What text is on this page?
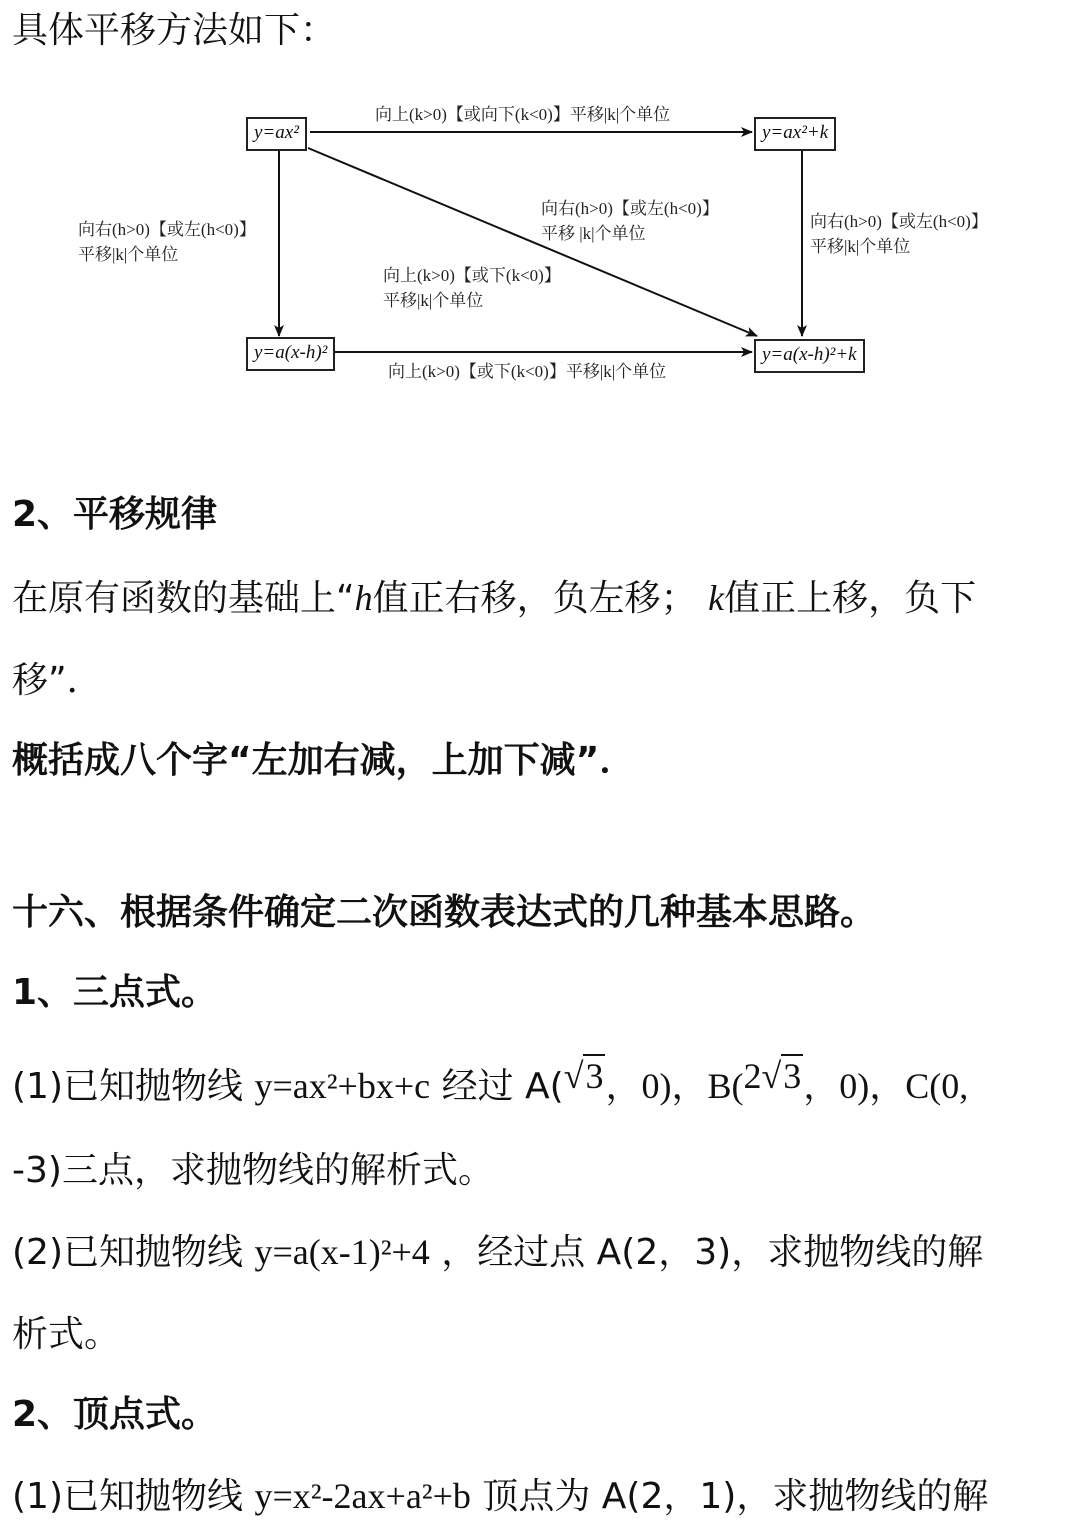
具体平移方法如下：
y=ax²	y=ax²+k
y=a(x-h)²	y=a(x-h)²+k
向上(k>0)【或向下(k<0)】平移|k|个单位
向右(h>0)【或左(h<0)】
平移|k|个单位
向右(h>0)【或左(h<0)】
平移 |k|个单位
向上(k>0)【或下(k<0)】
平移|k|个单位
向右(h>0)【或左(h<0)】
平移|k|个单位
向上(k>0)【或下(k<0)】平移|k|个单位
2、平移规律
在原有函数的基础上“h值正右移，负左移； k值正上移，负下
移”．
概括成八个字“左加右减，上加下减”．
十六、根据条件确定二次函数表达式的几种基本思路。
1、三点式。
(1)已知抛物线 y=ax²+bx+c 经过 A(√3，0)，B(2√3，0)，C(0,
-3)三点，求抛物线的解析式。
(2)已知抛物线 y=a(x-1)²+4 ，经过点 A(2，3)，求抛物线的解
析式。
2、顶点式。
(1)已知抛物线 y=x²-2ax+a²+b 顶点为 A(2，1)，求抛物线的解
